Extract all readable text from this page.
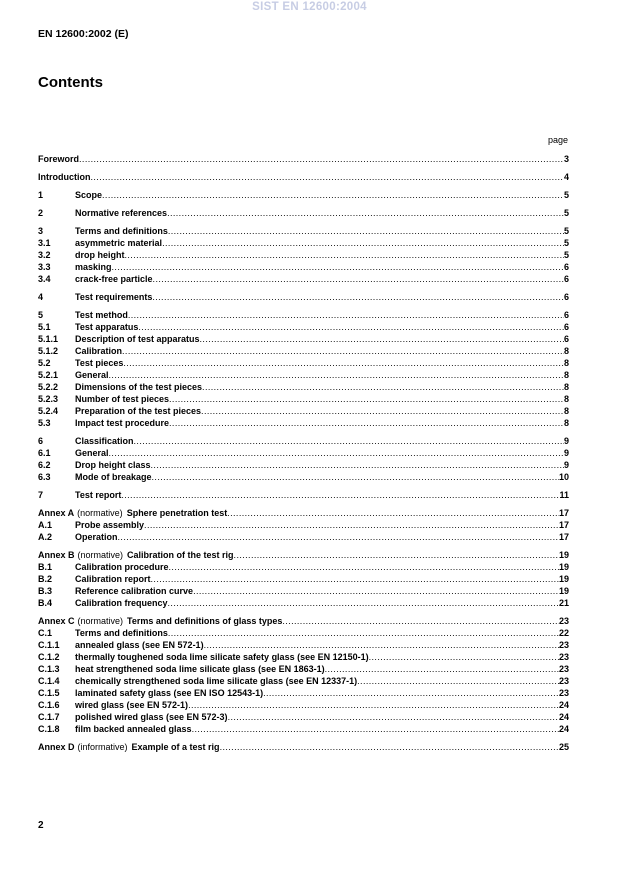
SIST EN 12600:2004
EN 12600:2002 (E)
Contents
page
Foreword .....	3
Introduction .....	4
1	Scope .....	5
2	Normative references .....	5
3	Terms and definitions .....	5
3.1	asymmetric material .....	5
3.2	drop height .....	5
3.3	masking .....	6
3.4	crack-free particle .....	6
4	Test requirements .....	6
5	Test method .....	6
5.1	Test apparatus .....	6
5.1.1	Description of test apparatus .....	6
5.1.2	Calibration .....	8
5.2	Test pieces .....	8
5.2.1	General .....	8
5.2.2	Dimensions of the test pieces .....	8
5.2.3	Number of test pieces .....	8
5.2.4	Preparation of the test pieces .....	8
5.3	Impact test procedure .....	8
6	Classification .....	9
6.1	General .....	9
6.2	Drop height class .....	9
6.3	Mode of breakage .....	10
7	Test report .....	11
Annex A (normative) Sphere penetration test .....	17
A.1	Probe assembly .....	17
A.2	Operation .....	17
Annex B (normative) Calibration of the test rig .....	19
B.1	Calibration procedure .....	19
B.2	Calibration report .....	19
B.3	Reference calibration curve .....	19
B.4	Calibration frequency .....	21
Annex C (normative) Terms and definitions of glass types .....	23
C.1	Terms and definitions .....	22
C.1.1	annealed glass (see EN 572-1) .....	23
C.1.2	thermally toughened soda lime silicate safety glass (see EN 12150-1) .....	23
C.1.3	heat strengthened soda lime silicate glass (see EN 1863-1) .....	23
C.1.4	chemically strengthened soda lime silicate glass (see EN 12337-1) .....	23
C.1.5	laminated safety glass (see EN ISO 12543-1) .....	23
C.1.6	wired glass (see EN 572-1) .....	24
C.1.7	polished wired glass (see EN 572-3) .....	24
C.1.8	film backed annealed glass .....	24
Annex D (informative) Example of a test rig .....	25
2
